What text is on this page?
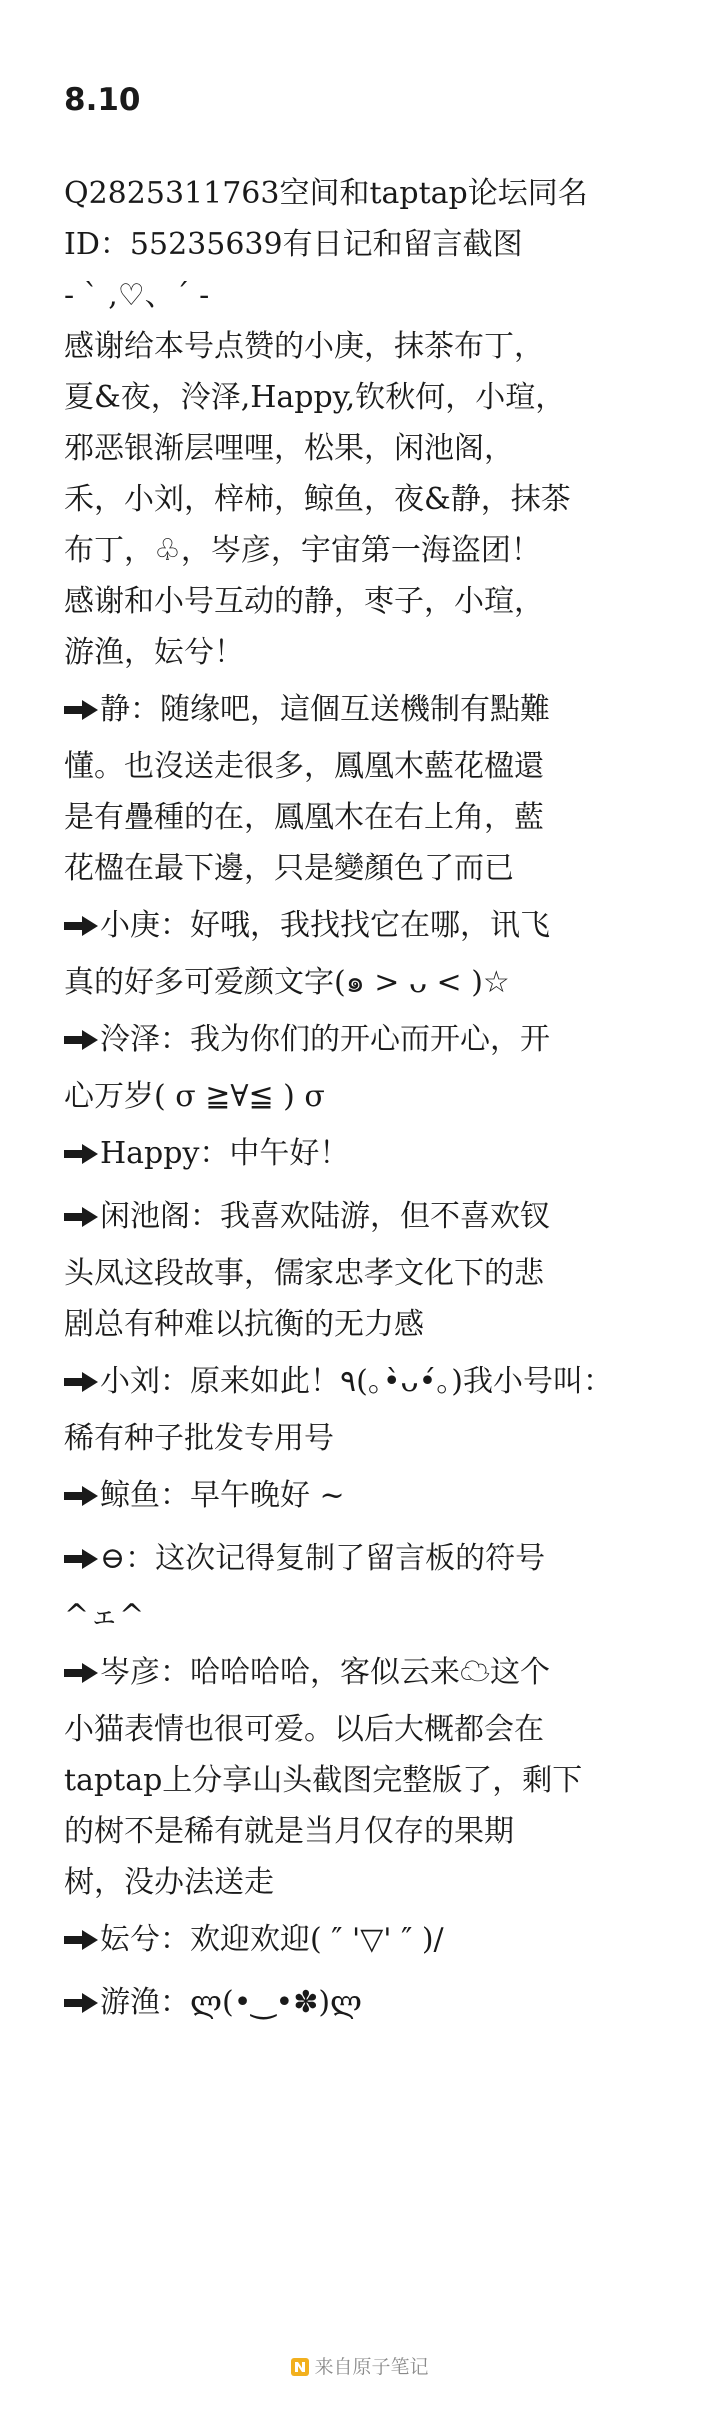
8.10
Q2825311763空间和taptap论坛同名
ID：55235639有日记和留言截图
- ` ,♡、´ -
感谢给本号点赞的小庚，抹茶布丁，
夏&夜，泠泽,Happy,钦秋何，小瑄，
邪恶银渐层哩哩，松果，闲池阁，
禾，小刘，梓柿，鲸鱼，夜&静，抹茶
布丁，♧，岑彦，宇宙第一海盗团！
感谢和小号互动的静，枣子，小瑄，
游渔，妘兮！
静：随缘吧，這個互送機制有點難
懂。也沒送走很多，鳳凰木藍花楹還
是有疊種的在，鳳凰木在右上角，藍
花楹在最下邊，只是變顏色了而已
小庚：好哦，我找找它在哪，讯飞
真的好多可爱颜文字(๑ > ᴗ < )☆
泠泽：我为你们的开心而开心，开
心万岁( σ ≧∀≦ ) σ
Happy：中午好！
闲池阁：我喜欢陆游，但不喜欢钗
头凤这段故事，儒家忠孝文化下的悲
剧总有种难以抗衡的无力感
小刘：原来如此！٩(｡•̀ᴗ•́｡)我小号叫：
稀有种子批发专用号
鲸鱼：早午晚好 ~
⊖：这次记得复制了留言板的符号
^ェ^
岑彦：哈哈哈哈，客似云来☁这个
小猫表情也很可爱。以后大概都会在
taptap上分享山头截图完整版了，剩下
的树不是稀有就是当月仅存的果期
树，没办法送走
妘兮：欢迎欢迎( ″ '▽' ″ )/
游渔：ლ(•‿•✽)ლ
来自原子笔记
